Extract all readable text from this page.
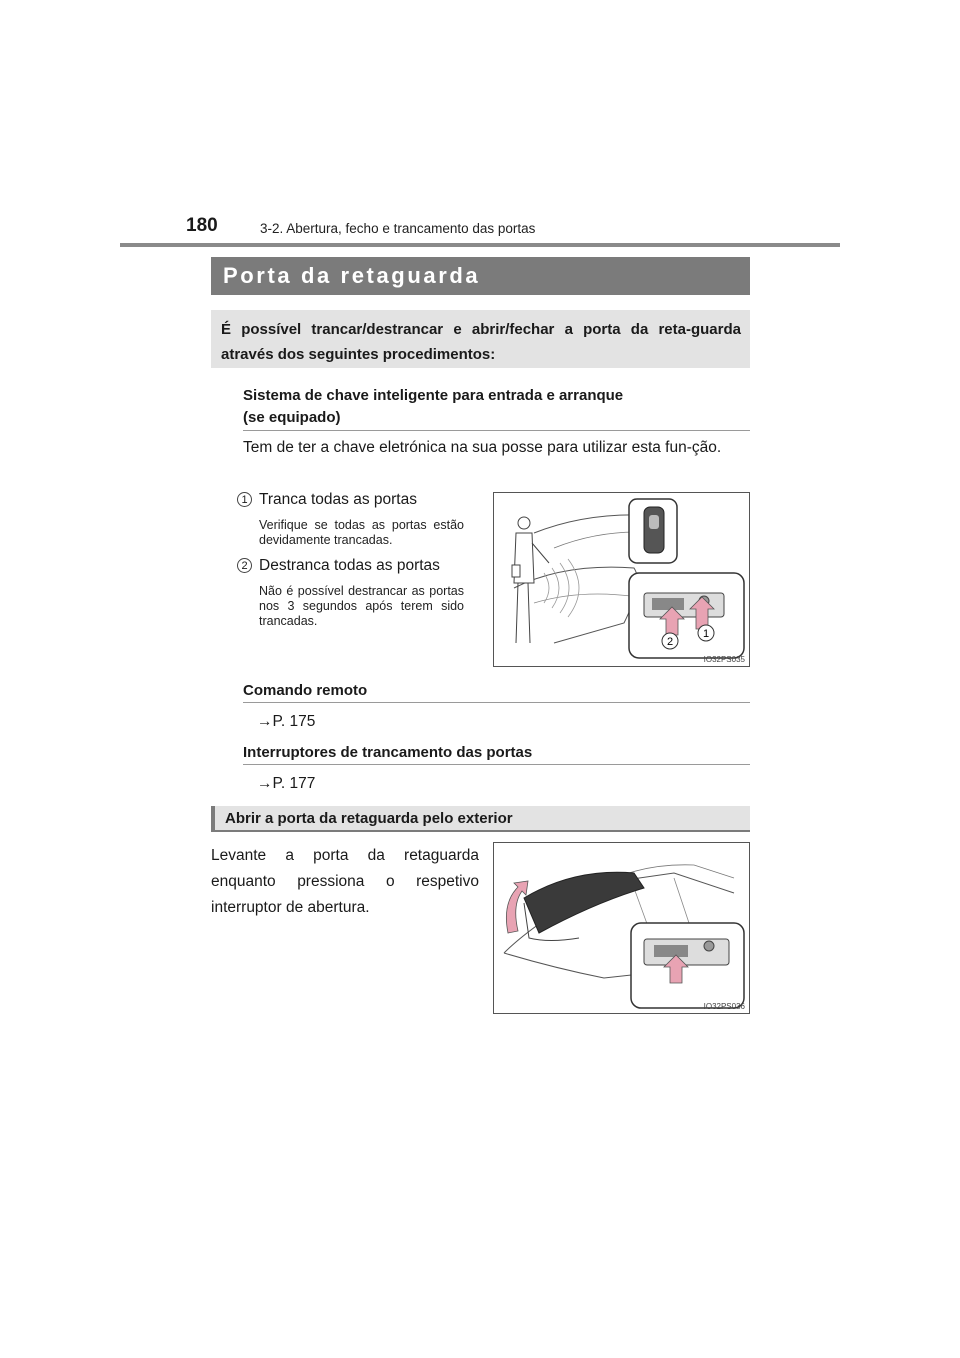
180	3-2. Abertura, fecho e trancamento das portas
Porta da retaguarda
É possível trancar/destrancar e abrir/fechar a porta da reta-guarda através dos seguintes procedimentos:
Sistema de chave inteligente para entrada e arranque
(se equipado)
Tem de ter a chave eletrónica na sua posse para utilizar esta fun-ção.
1 Tranca todas as portas
Verifique se todas as portas estão devidamente trancadas.
2 Destranca todas as portas
Não é possível destrancar as portas nos 3 segundos após terem sido trancadas.
2
1
IO32PS035
Comando remoto
→P. 175
Interruptores de trancamento das portas
→P. 177
Abrir a porta da retaguarda pelo exterior
Levante a porta da retaguarda enquanto pressiona o respetivo interruptor de abertura.
IO32PS036
